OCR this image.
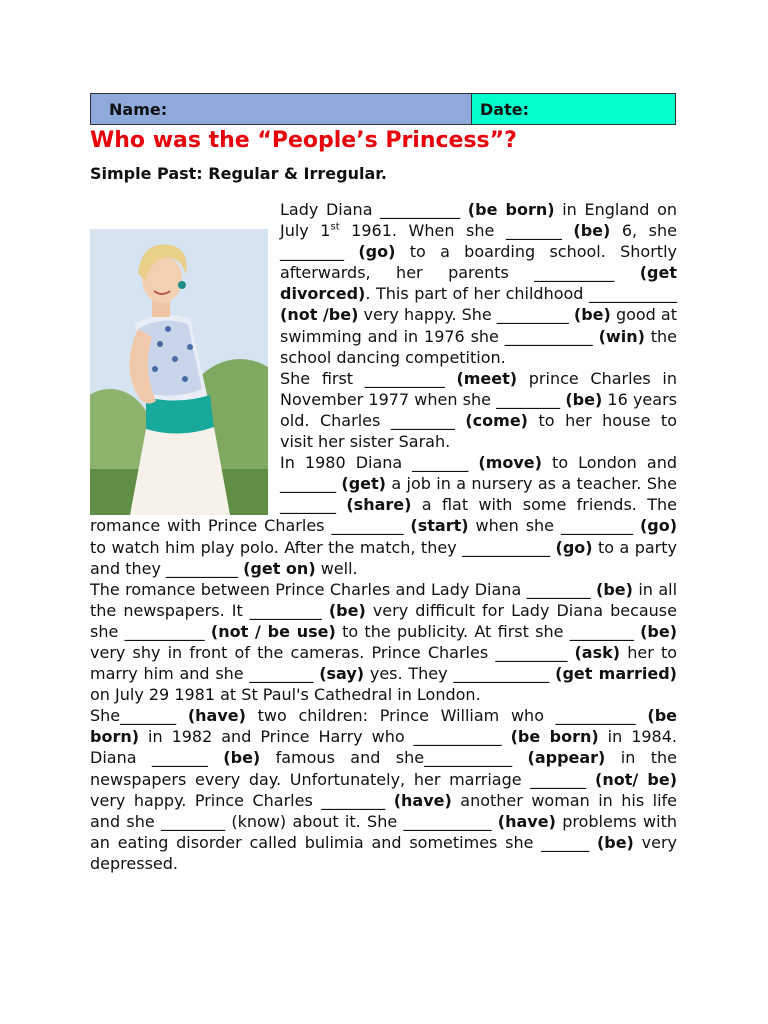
Name:	Date:
Who was the “People’s Princess”?
Simple Past: Regular & Irregular.

Lady Diana __________ (be born) in England on July 1st 1961. When she _______ (be) 6, she ________ (go) to a boarding school. Shortly afterwards, her parents __________ (get divorced). This part of her childhood ___________ (not /be) very happy. She _________ (be) good at swimming and in 1976 she ___________ (win) the school dancing competition.

She first __________ (meet) prince Charles in November 1977 when she ________ (be) 16 years old. Charles ________ (come) to her house to visit her sister Sarah.

In 1980 Diana _______ (move) to London and _______ (get) a job in a nursery as a teacher. She _______ (share) a flat with some friends. The romance with Prince Charles _________ (start) when she _________ (go) to watch him play polo. After the match, they ___________ (go) to a party and they _________ (get on) well.

The romance between Prince Charles and Lady Diana ________ (be) in all the newspapers. It _________ (be) very difficult for Lady Diana because she __________ (not / be use) to the publicity. At first she ________ (be) very shy in front of the cameras. Prince Charles _________ (ask) her to marry him and she ________ (say) yes. They ____________ (get married) on July 29 1981 at St Paul's Cathedral in London.

She_______ (have) two children: Prince William who __________ (be born) in 1982 and Prince Harry who ___________ (be born) in 1984. Diana _______ (be) famous and she___________ (appear) in the newspapers every day. Unfortunately, her marriage _______ (not/ be) very happy. Prince Charles ________ (have) another woman in his life and she ________ (know) about it. She ___________ (have) problems with an eating disorder called bulimia and sometimes she ______ (be) very depressed.
